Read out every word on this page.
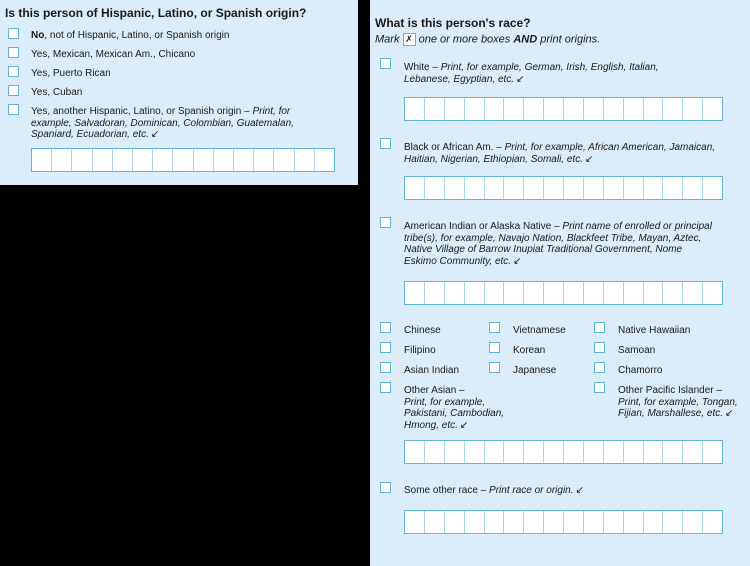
Is this person of Hispanic, Latino, or Spanish origin?
No, not of Hispanic, Latino, or Spanish origin
Yes, Mexican, Mexican Am., Chicano
Yes, Puerto Rican
Yes, Cuban
Yes, another Hispanic, Latino, or Spanish origin – Print, for example, Salvadoran, Dominican, Colombian, Guatemalan, Spaniard, Ecuadorian, etc. ↙
What is this person's race?
Mark ✗ one or more boxes AND print origins.
White – Print, for example, German, Irish, English, Italian, Lebanese, Egyptian, etc. ↙
Black or African Am. – Print, for example, African American, Jamaican, Haitian, Nigerian, Ethiopian, Somali, etc. ↙
American Indian or Alaska Native – Print name of enrolled or principal tribe(s), for example, Navajo Nation, Blackfeet Tribe, Mayan, Aztec, Native Village of Barrow Inupiat Traditional Government, Nome Eskimo Community, etc. ↙
Chinese
Filipino
Asian Indian
Other Asian –
Print, for example, Pakistani, Cambodian, Hmong, etc. ↙
Vietnamese
Korean
Japanese
Native Hawaiian
Samoan
Chamorro
Other Pacific Islander –
Print, for example, Tongan, Fijian, Marshallese, etc. ↙
Some other race – Print race or origin. ↙
